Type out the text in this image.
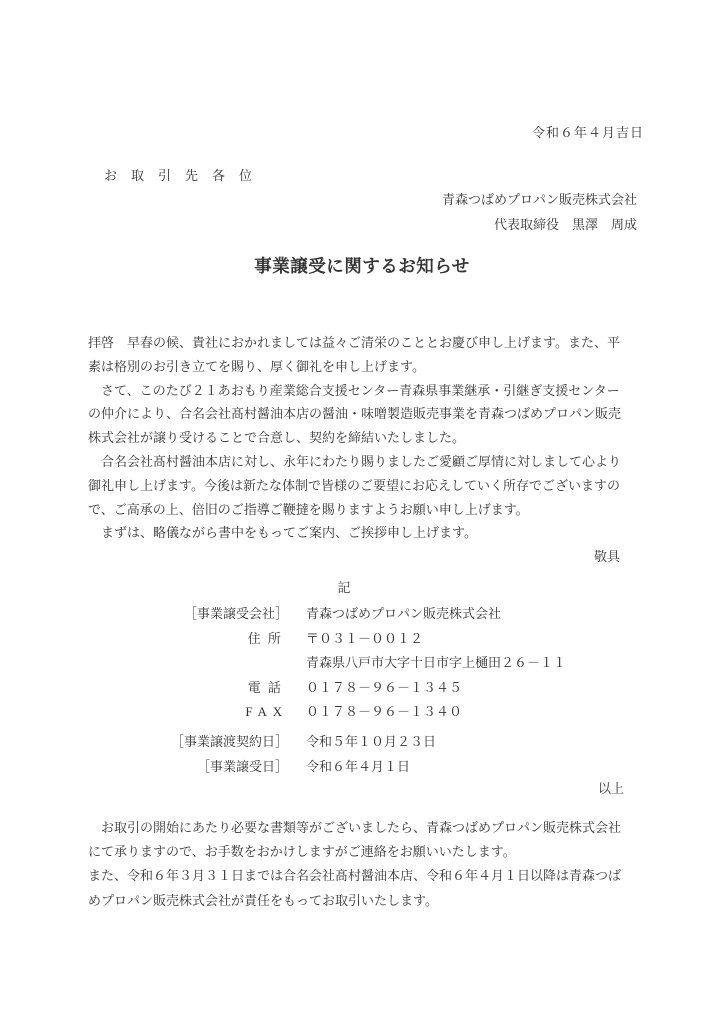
令和６年４月吉日
お取引先各位
青森つばめプロパン販売株式会社
代表取締役　黒澤　周成
事業譲受に関するお知らせ

拝啓　早春の候、貴社におかれましては益々ご清栄のこととお慶び申し上げます。また、平素は格別のお引き立てを賜り、厚く御礼を申し上げます。

　さて、このたび２１あおもり産業総合支援センター青森県事業継承・引継ぎ支援センターの仲介により、合名会社髙村醤油本店の醤油・味噌製造販売事業を青森つばめプロパン販売株式会社が譲り受けることで合意し、契約を締結いたしました。

　合名会社髙村醤油本店に対し、永年にわたり賜りましたご愛顧ご厚情に対しまして心より御礼申し上げます。今後は新たな体制で皆様のご要望にお応えしていく所存でございますので、ご高承の上、倍旧のご指導ご鞭撻を賜りますようお願い申し上げます。

　まずは、略儀ながら書中をもってご案内、ご挨拶申し上げます。

敬具

記
［事業譲受会社］ 青森つばめプロパン販売株式会社
住所 〒０３１－００１２
青森県八戸市大字十日市字上樋田２６－１１
電話 ０１７８－９６－１３４５
FAX ０１７８－９６－１３４０
［事業譲渡契約日］ 令和５年１０月２３日
［事業譲受日］ 令和６年４月１日
以上

　お取引の開始にあたり必要な書類等がございましたら、青森つばめプロパン販売株式会社にて承りますので、お手数をおかけしますがご連絡をお願いいたします。

また、令和６年３月３１日までは合名会社髙村醤油本店、令和６年４月１日以降は青森つばめプロパン販売株式会社が責任をもってお取引いたします。
